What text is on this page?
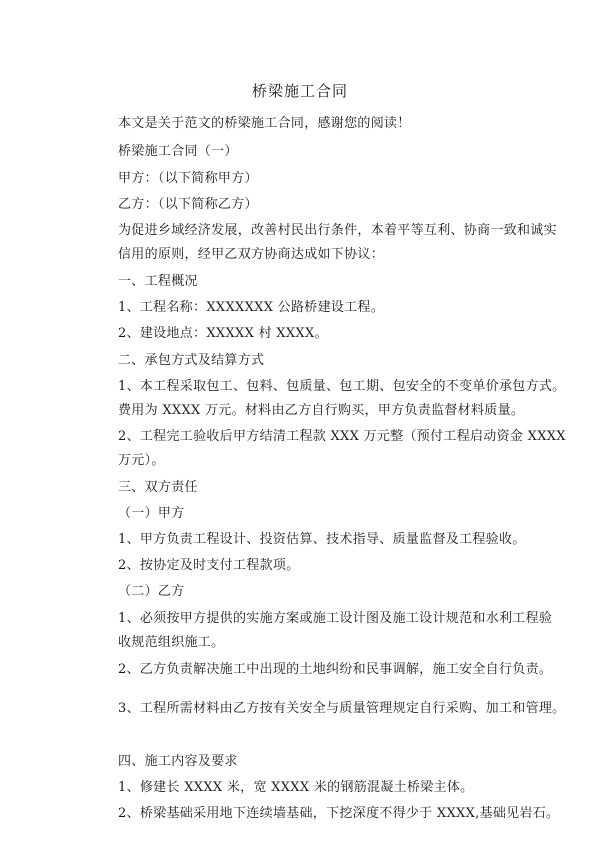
桥梁施工合同
本文是关于范文的桥梁施工合同，感谢您的阅读！
桥梁施工合同（一）
甲方：（以下简称甲方）
乙方：（以下简称乙方）
为促进乡域经济发展，改善村民出行条件，本着平等互利、协商一致和诚实
信用的原则，经甲乙双方协商达成如下协议：
一、工程概况
1、工程名称：XXXXXXX 公路桥建设工程。
2、建设地点：XXXXX 村 XXXX。
二、承包方式及结算方式
1、本工程采取包工、包料、包质量、包工期、包安全的不变单价承包方式。
费用为 XXXX 万元。材料由乙方自行购买，甲方负责监督材料质量。
2、工程完工验收后甲方结清工程款 XXX 万元整（预付工程启动资金 XXXX
万元）。
三、双方责任
（一）甲方
1、甲方负责工程设计、投资估算、技术指导、质量监督及工程验收。
2、按协定及时支付工程款项。
（二）乙方
1、必须按甲方提供的实施方案或施工设计图及施工设计规范和水利工程验
收规范组织施工。
2、乙方负责解决施工中出现的土地纠纷和民事调解，施工安全自行负责。
3、工程所需材料由乙方按有关安全与质量管理规定自行采购、加工和管理。
四、施工内容及要求
1、修建长 XXXX 米，宽 XXXX 米的钢筋混凝土桥梁主体。
2、桥梁基础采用地下连续墙基础，下挖深度不得少于 XXXX,基础见岩石。
